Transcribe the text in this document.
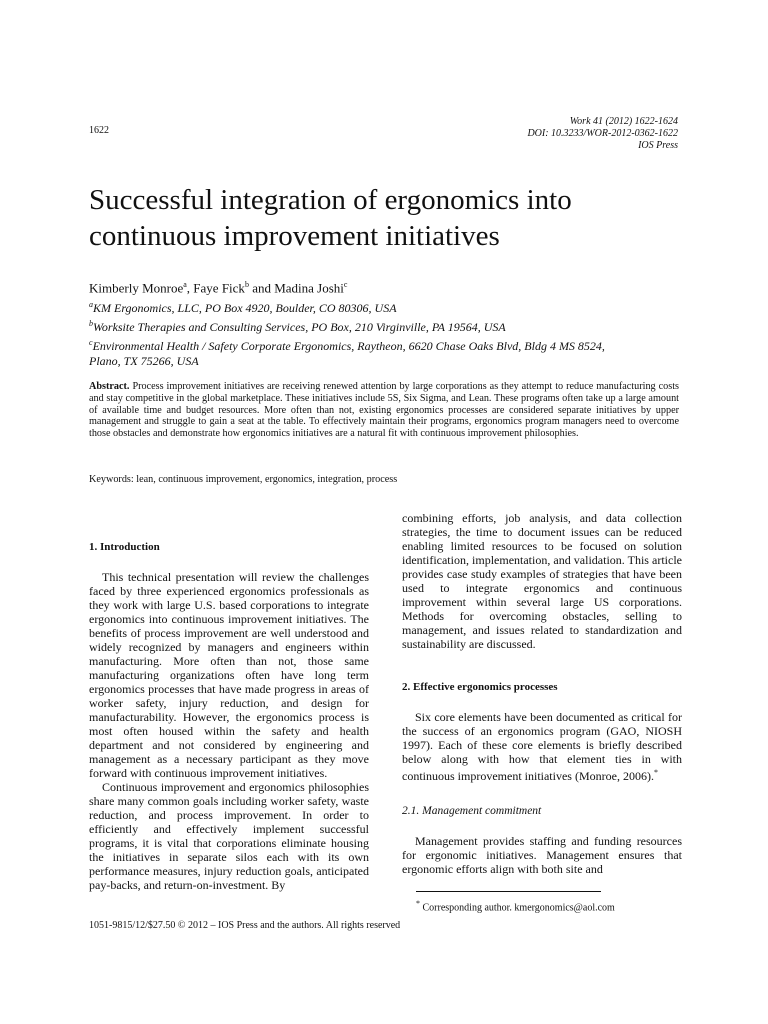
1622
Work 41 (2012) 1622-1624
DOI: 10.3233/WOR-2012-0362-1622
IOS Press
Successful integration of ergonomics into continuous improvement initiatives
Kimberly Monroe$^a$, Faye Fick$^b$ and Madina Joshi$^c$
$^a$KM Ergonomics, LLC, PO Box 4920, Boulder, CO 80306, USA
$^b$Worksite Therapies and Consulting Services, PO Box, 210 Virginville, PA 19564, USA
$^c$Environmental Health / Safety Corporate Ergonomics, Raytheon, 6620 Chase Oaks Blvd, Bldg 4 MS 8524,
Plano, TX 75266, USA
Abstract. Process improvement initiatives are receiving renewed attention by large corporations as they attempt to reduce manufacturing costs and stay competitive in the global marketplace. These initiatives include 5S, Six Sigma, and Lean. These programs often take up a large amount of available time and budget resources. More often than not, existing ergonomics processes are considered separate initiatives by upper management and struggle to gain a seat at the table. To effectively maintain their programs, ergonomics program managers need to overcome those obstacles and demonstrate how ergonomics initiatives are a natural fit with continuous improvement philosophies.
Keywords: lean, continuous improvement, ergonomics, integration, process
1. Introduction

This technical presentation will review the challenges faced by three experienced ergonomics professionals as they work with large U.S. based corporations to integrate ergonomics into continuous improvement initiatives. The benefits of process improvement are well understood and widely recognized by managers and engineers within manufacturing. More often than not, those same manufacturing organizations often have long term ergonomics processes that have made progress in areas of worker safety, injury reduction, and design for manufacturability. However, the ergonomics process is most often housed within the safety and health department and not considered by engineering and management as a necessary participant as they move forward with continuous improvement initiatives.

Continuous improvement and ergonomics philosophies share many common goals including worker safety, waste reduction, and process improvement. In order to efficiently and effectively implement successful programs, it is vital that corporations eliminate housing the initiatives in separate silos each with its own performance measures, injury reduction goals, anticipated pay-backs, and return-on-investment. By

combining efforts, job analysis, and data collection strategies, the time to document issues can be reduced enabling limited resources to be focused on solution identification, implementation, and validation. This article provides case study examples of strategies that have been used to integrate ergonomics and continuous improvement within several large US corporations. Methods for overcoming obstacles, selling to management, and issues related to standardization and sustainability are discussed.

2. Effective ergonomics processes

Six core elements have been documented as critical for the success of an ergonomics program (GAO, NIOSH 1997). Each of these core elements is briefly described below along with how that element ties in with continuous improvement initiatives (Monroe, 2006).*

2.1. Management commitment

Management provides staffing and funding resources for ergonomic initiatives. Management ensures that ergonomic efforts align with both site and

* Corresponding author. kmergonomics@aol.com
1051-9815/12/$27.50 © 2012 – IOS Press and the authors. All rights reserved
